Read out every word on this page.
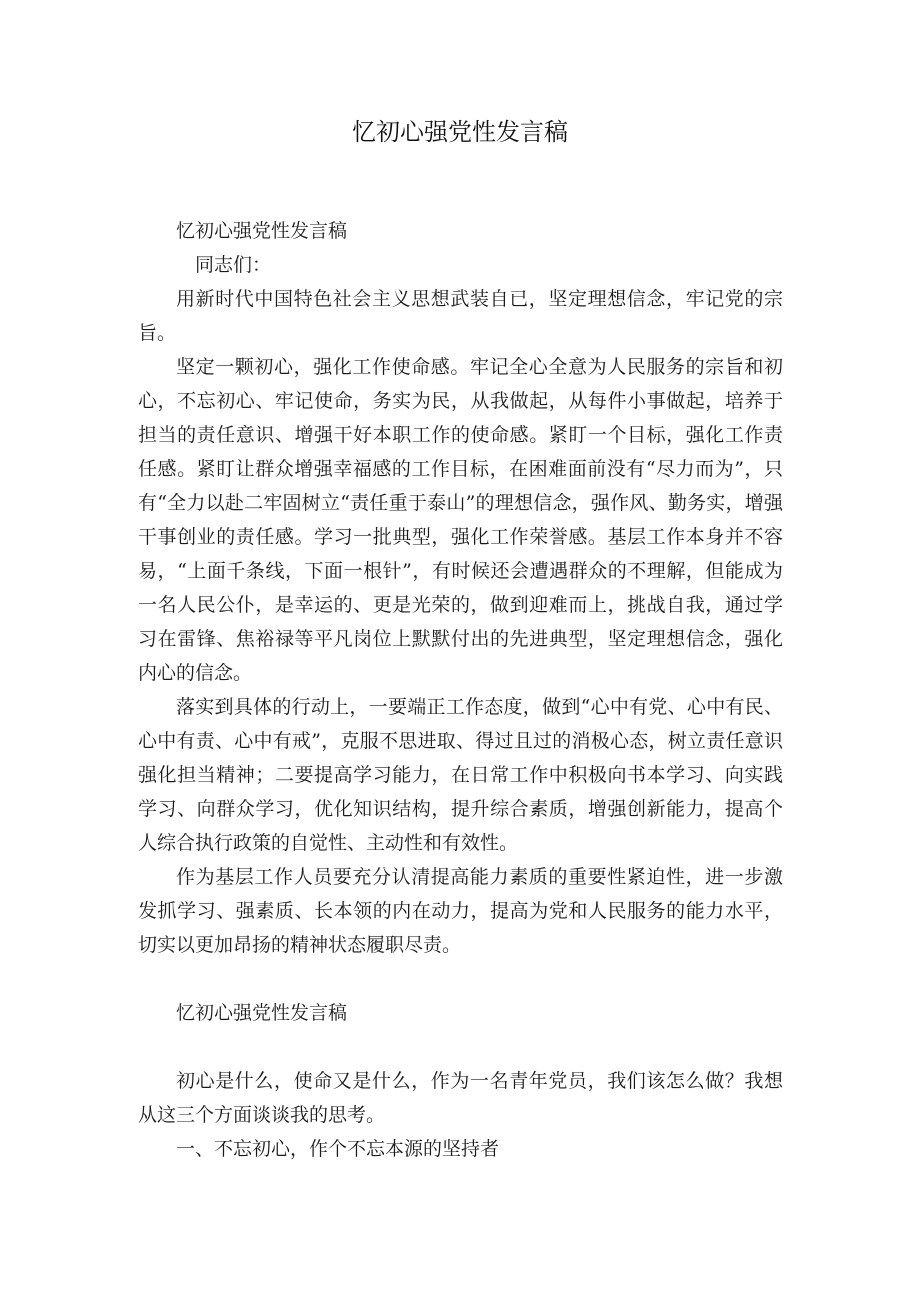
忆初心强党性发言稿

忆初心强党性发言稿

同志们：

用新时代中国特色社会主义思想武装自已，坚定理想信念，牢记党的宗旨。

坚定一颗初心，强化工作使命感。牢记全心全意为人民服务的宗旨和初心，不忘初心、牢记使命，务实为民，从我做起，从每件小事做起，培养于担当的责任意识、增强干好本职工作的使命感。紧盯一个目标，强化工作责任感。紧盯让群众增强幸福感的工作目标，在困难面前没有“尽力而为”，只有“全力以赴二牢固树立“责任重于泰山”的理想信念，强作风、勤务实，增强干事创业的责任感。学习一批典型，强化工作荣誉感。基层工作本身并不容易，“上面千条线，下面一根针”，有时候还会遭遇群众的不理解，但能成为一名人民公仆，是幸运的、更是光荣的，做到迎难而上，挑战自我，通过学习在雷锋、焦裕禄等平凡岗位上默默付出的先进典型，坚定理想信念，强化内心的信念。

落实到具体的行动上，一要端正工作态度，做到“心中有党、心中有民、心中有责、心中有戒”，克服不思进取、得过且过的消极心态，树立责任意识强化担当精神；二要提高学习能力，在日常工作中积极向书本学习、向实践学习、向群众学习，优化知识结构，提升综合素质，增强创新能力，提高个人综合执行政策的自觉性、主动性和有效性。

作为基层工作人员要充分认清提高能力素质的重要性紧迫性，进一步激发抓学习、强素质、长本领的内在动力，提高为党和人民服务的能力水平，切实以更加昂扬的精神状态履职尽责。

忆初心强党性发言稿

初心是什么，使命又是什么，作为一名青年党员，我们该怎么做？我想从这三个方面谈谈我的思考。

一、不忘初心，作个不忘本源的坚持者
